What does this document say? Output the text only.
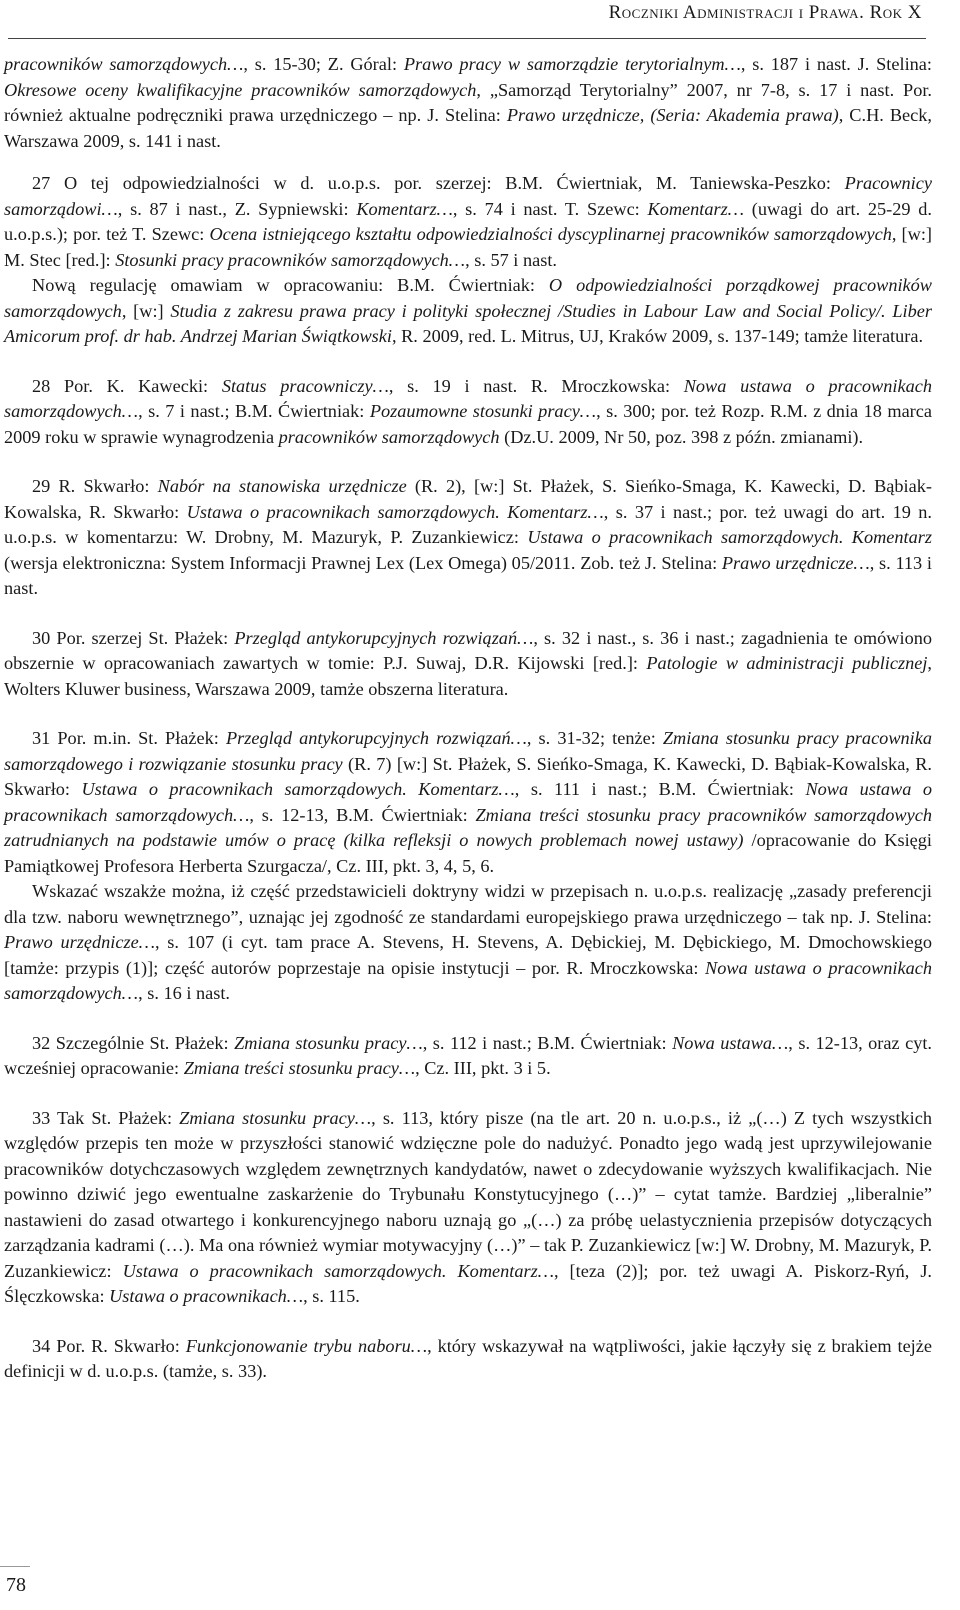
Roczniki Administracji i Prawa. Rok X

pracowników samorządowych…, s. 15-30; Z. Góral: Prawo pracy w samorządzie terytorialnym…, s. 187 i nast. J. Stelina: Okresowe oceny kwalifikacyjne pracowników samorządowych, „Samorząd Terytorialny” 2007, nr 7-8, s. 17 i nast. Por. również aktualne podręczniki prawa urzędniczego – np. J. Stelina: Prawo urzędnicze, (Seria: Akademia prawa), C.H. Beck, Warszawa 2009, s. 141 i nast.

27 O tej odpowiedzialności w d. u.o.p.s. por. szerzej: B.M. Ćwiertniak, M. Taniewska-Peszko: Pracownicy samorządowi…, s. 87 i nast., Z. Sypniewski: Komentarz…, s. 74 i nast. T. Szewc: Komentarz… (uwagi do art. 25-29 d. u.o.p.s.); por. też T. Szewc: Ocena istniejącego kształtu odpowiedzialności dyscyplinarnej pracowników samorządowych, [w:] M. Stec [red.]: Stosunki pracy pracowników samorządowych…, s. 57 i nast.

Nową regulację omawiam w opracowaniu: B.M. Ćwiertniak: O odpowiedzialności porządkowej pracowników samorządowych, [w:] Studia z zakresu prawa pracy i polityki społecznej /Studies in Labour Law and Social Policy/. Liber Amicorum prof. dr hab. Andrzej Marian Świątkowski, R. 2009, red. L. Mitrus, UJ, Kraków 2009, s. 137-149; tamże literatura.

28 Por. K. Kawecki: Status pracowniczy…, s. 19 i nast. R. Mroczkowska: Nowa ustawa o pracownikach samorządowych…, s. 7 i nast.; B.M. Ćwiertniak: Pozaumowne stosunki pracy…, s. 300; por. też Rozp. R.M. z dnia 18 marca 2009 roku w sprawie wynagrodzenia pracowników samorządowych (Dz.U. 2009, Nr 50, poz. 398 z późn. zmianami).

29 R. Skwarło: Nabór na stanowiska urzędnicze (R. 2), [w:] St. Płażek, S. Sieńko-Smaga, K. Kawecki, D. Bąbiak-Kowalska, R. Skwarło: Ustawa o pracownikach samorządowych. Komentarz…, s. 37 i nast.; por. też uwagi do art. 19 n. u.o.p.s. w komentarzu: W. Drobny, M. Mazuryk, P. Zuzankiewicz: Ustawa o pracownikach samorządowych. Komentarz (wersja elektroniczna: System Informacji Prawnej Lex (Lex Omega) 05/2011. Zob. też J. Stelina: Prawo urzędnicze…, s. 113 i nast.

30 Por. szerzej St. Płażek: Przegląd antykorupcyjnych rozwiązań…, s. 32 i nast., s. 36 i nast.; zagadnienia te omówiono obszernie w opracowaniach zawartych w tomie: P.J. Suwaj, D.R. Kijowski [red.]: Patologie w administracji publicznej, Wolters Kluwer business, Warszawa 2009, tamże obszerna literatura.

31 Por. m.in. St. Płażek: Przegląd antykorupcyjnych rozwiązań…, s. 31-32; tenże: Zmiana stosunku pracy pracownika samorządowego i rozwiązanie stosunku pracy (R. 7) [w:] St. Płażek, S. Sieńko-Smaga, K. Kawecki, D. Bąbiak-Kowalska, R. Skwarło: Ustawa o pracownikach samorządowych. Komentarz…, s. 111 i nast.; B.M. Ćwiertniak: Nowa ustawa o pracownikach samorządowych…, s. 12-13, B.M. Ćwiertniak: Zmiana treści stosunku pracy pracowników samorządowych zatrudnianych na podstawie umów o pracę (kilka refleksji o nowych problemach nowej ustawy) /opracowanie do Księgi Pamiątkowej Profesora Herberta Szurgacza/, Cz. III, pkt. 3, 4, 5, 6.

Wskazać wszakże można, iż część przedstawicieli doktryny widzi w przepisach n. u.o.p.s. realizację „zasady preferencji dla tzw. naboru wewnętrznego”, uznając jej zgodność ze standardami europejskiego prawa urzędniczego – tak np. J. Stelina: Prawo urzędnicze…, s. 107 (i cyt. tam prace A. Stevens, H. Stevens, A. Dębickiej, M. Dębickiego, M. Dmochowskiego [tamże: przypis (1)]; część autorów poprzestaje na opisie instytucji – por. R. Mroczkowska: Nowa ustawa o pracownikach samorządowych…, s. 16 i nast.

32 Szczególnie St. Płażek: Zmiana stosunku pracy…, s. 112 i nast.; B.M. Ćwiertniak: Nowa ustawa…, s. 12-13, oraz cyt. wcześniej opracowanie: Zmiana treści stosunku pracy…, Cz. III, pkt. 3 i 5.

33 Tak St. Płażek: Zmiana stosunku pracy…, s. 113, który pisze (na tle art. 20 n. u.o.p.s., iż „(…) Z tych wszystkich względów przepis ten może w przyszłości stanowić wdzięczne pole do nadużyć. Ponadto jego wadą jest uprzywilejowanie pracowników dotychczasowych względem zewnętrznych kandydatów, nawet o zdecydowanie wyższych kwalifikacjach. Nie powinno dziwić jego ewentualne zaskarżenie do Trybunału Konstytucyjnego (…)” – cytat tamże. Bardziej „liberalnie” nastawieni do zasad otwartego i konkurencyjnego naboru uznają go „(…) za próbę uelastycznienia przepisów dotyczących zarządzania kadrami (…). Ma ona również wymiar motywacyjny (…)” – tak P. Zuzankiewicz [w:] W. Drobny, M. Mazuryk, P. Zuzankiewicz: Ustawa o pracownikach samorządowych. Komentarz…, [teza (2)]; por. też uwagi A. Piskorz-Ryń, J. Ślęczkowska: Ustawa o pracownikach…, s. 115.

34 Por. R. Skwarło: Funkcjonowanie trybu naboru…, który wskazywał na wątpliwości, jakie łączyły się z brakiem tejże definicji w d. u.o.p.s. (tamże, s. 33).

78
